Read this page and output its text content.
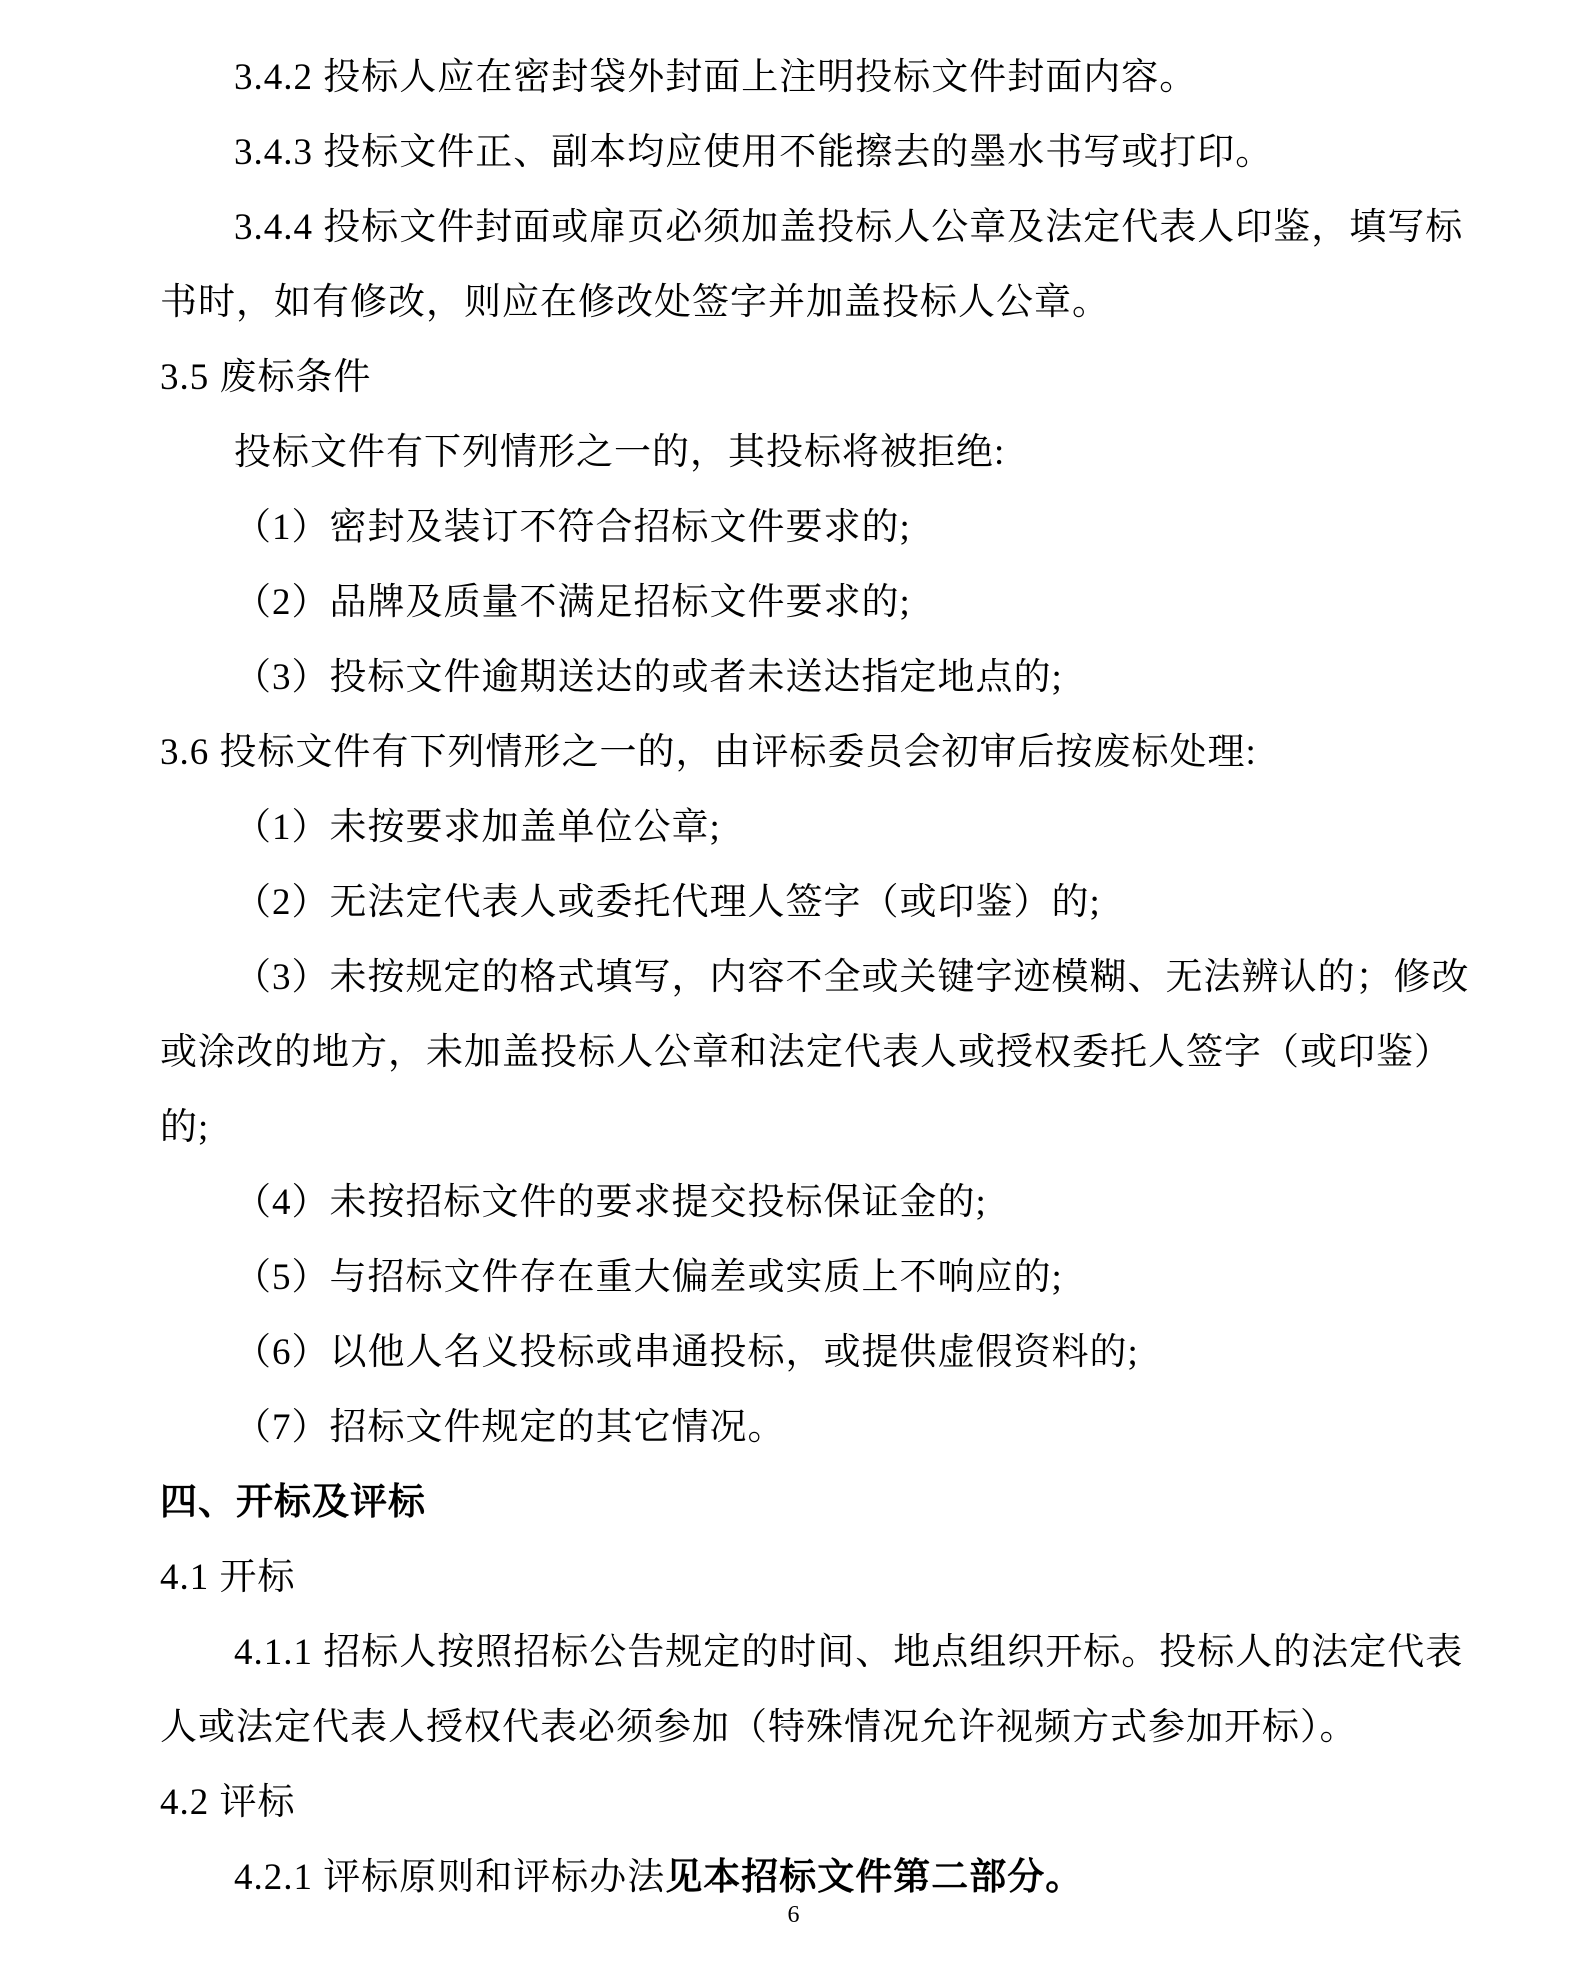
3.4.2 投标人应在密封袋外封面上注明投标文件封面内容。
3.4.3 投标文件正、副本均应使用不能擦去的墨水书写或打印。
3.4.4 投标文件封面或扉页必须加盖投标人公章及法定代表人印鉴，填写标
书时，如有修改，则应在修改处签字并加盖投标人公章。
3.5 废标条件
投标文件有下列情形之一的，其投标将被拒绝:
（1）密封及装订不符合招标文件要求的;
（2）品牌及质量不满足招标文件要求的;
（3）投标文件逾期送达的或者未送达指定地点的;
3.6 投标文件有下列情形之一的，由评标委员会初审后按废标处理:
（1）未按要求加盖单位公章;
（2）无法定代表人或委托代理人签字（或印鉴）的;
（3）未按规定的格式填写，内容不全或关键字迹模糊、无法辨认的；修改
或涂改的地方，未加盖投标人公章和法定代表人或授权委托人签字（或印鉴）
的;
（4）未按招标文件的要求提交投标保证金的;
（5）与招标文件存在重大偏差或实质上不响应的;
（6）以他人名义投标或串通投标，或提供虚假资料的;
（7）招标文件规定的其它情况。
四、开标及评标
4.1 开标
4.1.1 招标人按照招标公告规定的时间、地点组织开标。投标人的法定代表
人或法定代表人授权代表必须参加（特殊情况允许视频方式参加开标）。
4.2 评标
4.2.1 评标原则和评标办法见本招标文件第二部分。
6
